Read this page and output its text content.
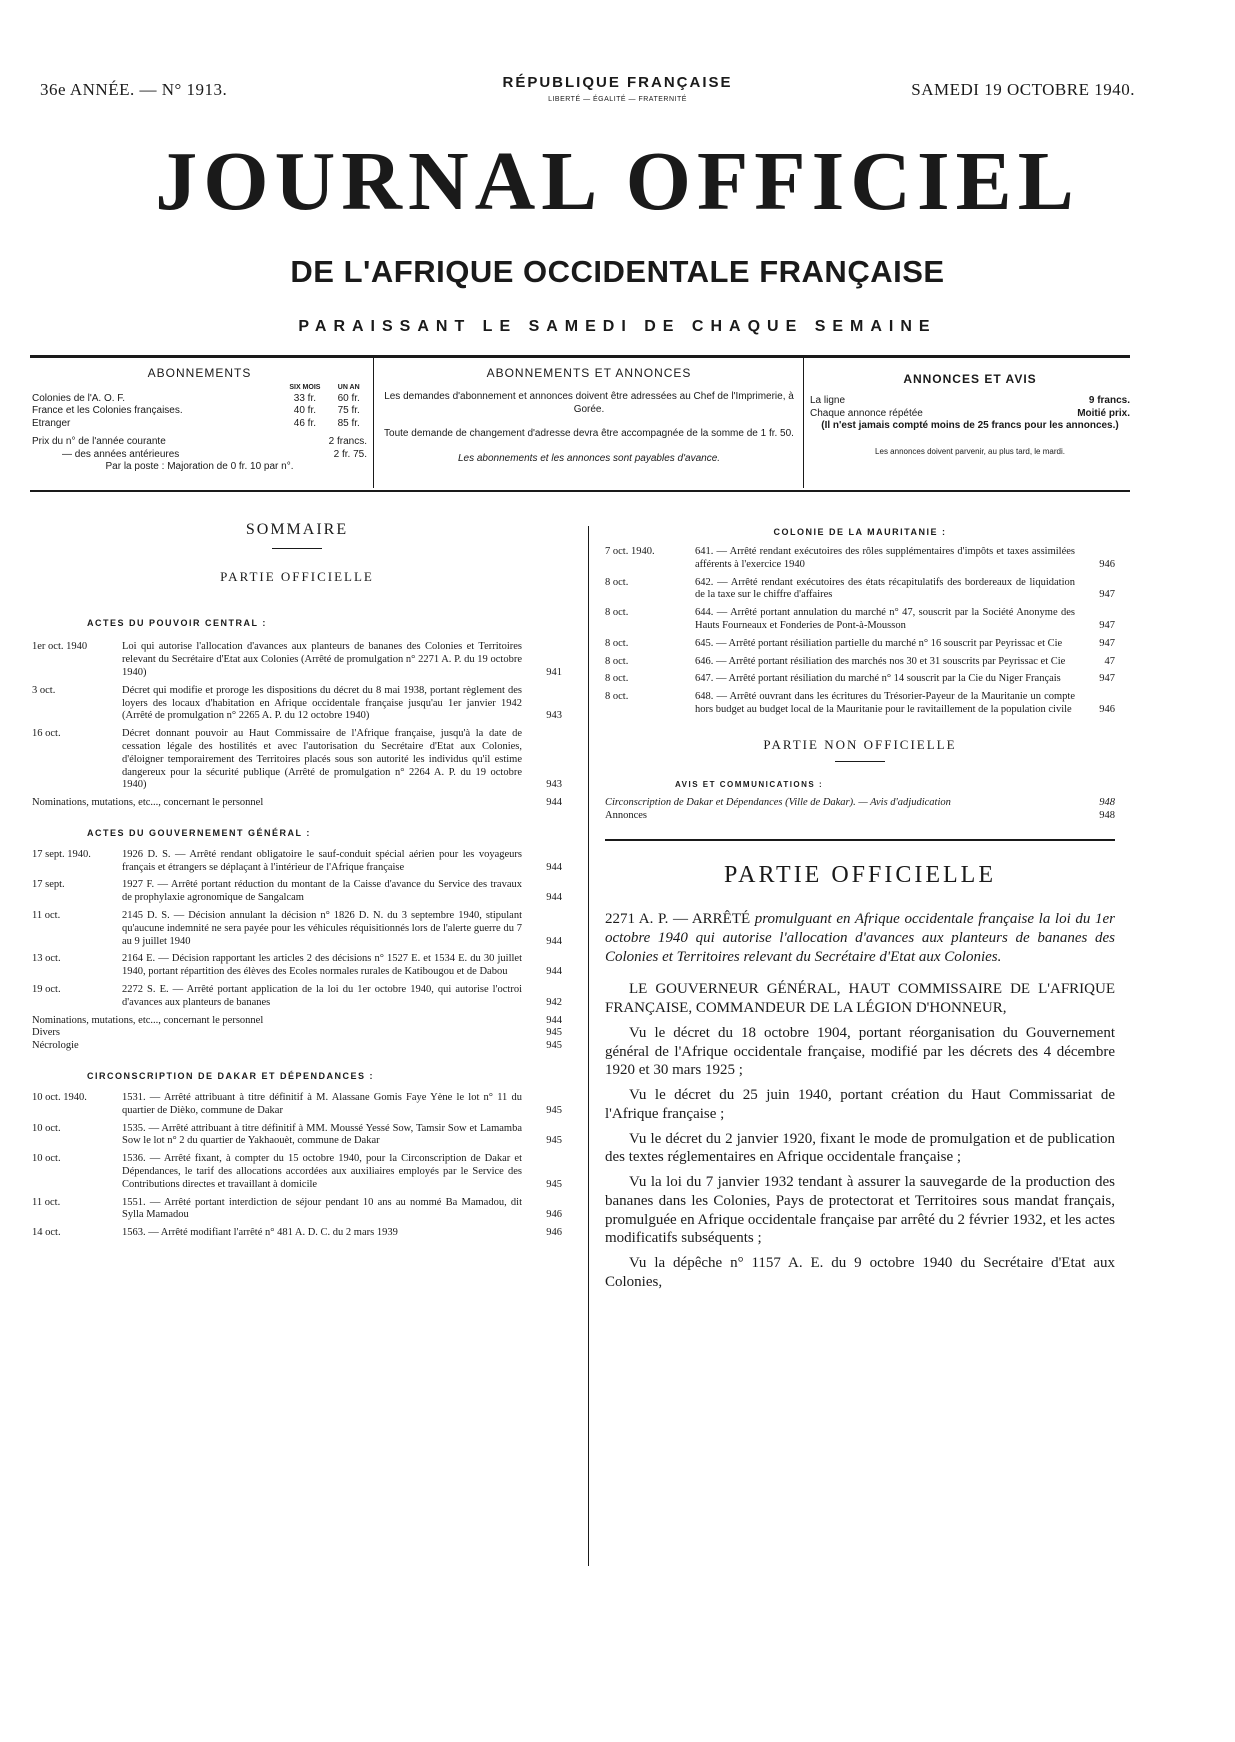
36e ANNÉE. — N° 1913.	RÉPUBLIQUE FRANÇAISE
LIBERTÉ — ÉGALITÉ — FRATERNITÉ
SAMEDI 19 OCTOBRE 1940.
JOURNAL OFFICIEL
DE L'AFRIQUE OCCIDENTALE FRANÇAISE
PARAISSANT LE SAMEDI DE CHAQUE SEMAINE
ABONNEMENTS
	SIX MOIS	UN AN
Colonies de l'A. O. F.	33 fr.	60 fr.
France et les Colonies françaises.	40 fr.	75 fr.
Etranger	46 fr.	85 fr.
Prix du n° de l'année courante	2 francs.
— des années antérieures	2 fr. 75.
Par la poste : Majoration de 0 fr. 10 par n°.
ABONNEMENTS ET ANNONCES
Les demandes d'abonnement et annonces doivent être adressées au Chef de l'Imprimerie, à Gorée.
Toute demande de changement d'adresse devra être accompagnée de la somme de 1 fr. 50.
Les abonnements et les annonces sont payables d'avance.
ANNONCES ET AVIS
La ligne	9 francs.
Chaque annonce répétée	Moitié prix.
(Il n'est jamais compté moins de 25 francs pour les annonces.)
Les annonces doivent parvenir, au plus tard, le mardi.
SOMMAIRE
PARTIE OFFICIELLE
ACTES DU POUVOIR CENTRAL :
1er oct. 1940	Loi qui autorise l'allocation d'avances aux planteurs de bananes des Colonies et Territoires relevant du Secrétaire d'Etat aux Colonies (Arrêté de promulgation n° 2271 A. P. du 19 octobre 1940)	941
3 oct.	Décret qui modifie et proroge les dispositions du décret du 8 mai 1938, portant règlement des loyers des locaux d'habitation en Afrique occidentale française jusqu'au 1er janvier 1942 (Arrêté de promulgation n° 2265 A. P. du 12 octobre 1940)	943
16 oct.	Décret donnant pouvoir au Haut Commissaire de l'Afrique française, jusqu'à la date de cessation légale des hostilités et avec l'autorisation du Secrétaire d'Etat aux Colonies, d'éloigner temporairement des Territoires placés sous son autorité les individus qu'il estime dangereux pour la sécurité publique (Arrêté de promulgation n° 2264 A. P. du 19 octobre 1940)	943
Nominations, mutations, etc..., concernant le personnel	944
ACTES DU GOUVERNEMENT GÉNÉRAL :
17 sept. 1940.	1926 D. S. — Arrêté rendant obligatoire le sauf-conduit spécial aérien pour les voyageurs français et étrangers se déplaçant à l'intérieur de l'Afrique française	944
17 sept.	1927 F. — Arrêté portant réduction du montant de la Caisse d'avance du Service des travaux de prophylaxie agronomique de Sangalcam	944
11 oct.	2145 D. S. — Décision annulant la décision n° 1826 D. N. du 3 septembre 1940, stipulant qu'aucune indemnité ne sera payée pour les véhicules réquisitionnés lors de l'alerte guerre du 7 au 9 juillet 1940	944
13 oct.	2164 E. — Décision rapportant les articles 2 des décisions n° 1527 E. et 1534 E. du 30 juillet 1940, portant répartition des élèves des Ecoles normales rurales de Katibougou et de Dabou	944
19 oct.	2272 S. E. — Arrêté portant application de la loi du 1er octobre 1940, qui autorise l'octroi d'avances aux planteurs de bananes	942
Nominations, mutations, etc..., concernant le personnel	944
Divers	945
Nécrologie	945
CIRCONSCRIPTION DE DAKAR ET DÉPENDANCES :
10 oct. 1940.	1531. — Arrêté attribuant à titre définitif à M. Alassane Gomis Faye Yène le lot n° 11 du quartier de Dièko, commune de Dakar	945
10 oct.	1535. — Arrêté attribuant à titre définitif à MM. Moussé Yessé Sow, Tamsir Sow et Lamamba Sow le lot n° 2 du quartier de Yakhaouèt, commune de Dakar	945
10 oct.	1536. — Arrêté fixant, à compter du 15 octobre 1940, pour la Circonscription de Dakar et Dépendances, le tarif des allocations accordées aux auxiliaires employés par le Service des Contributions directes et travaillant à domicile	945
11 oct.	1551. — Arrêté portant interdiction de séjour pendant 10 ans au nommé Ba Mamadou, dit Sylla Mamadou	946
14 oct.	1563. — Arrêté modifiant l'arrêté n° 481 A. D. C. du 2 mars 1939	946
COLONIE DE LA MAURITANIE :
7 oct. 1940.	641. — Arrêté rendant exécutoires des rôles supplémentaires d'impôts et taxes assimilées afférents à l'exercice 1940	946
8 oct.	642. — Arrêté rendant exécutoires des états récapitulatifs des bordereaux de liquidation de la taxe sur le chiffre d'affaires	947
8 oct.	644. — Arrêté portant annulation du marché n° 47, souscrit par la Société Anonyme des Hauts Fourneaux et Fonderies de Pont-à-Mousson	947
8 oct.	645. — Arrêté portant résiliation partielle du marché n° 16 souscrit par Peyrissac et Cie	947
8 oct.	646. — Arrêté portant résiliation des marchés nos 30 et 31 souscrits par Peyrissac et Cie	47
8 oct.	647. — Arrêté portant résiliation du marché n° 14 souscrit par la Cie du Niger Français	947
8 oct.	648. — Arrêté ouvrant dans les écritures du Trésorier-Payeur de la Mauritanie un compte hors budget au budget local de la Mauritanie pour le ravitaillement de la population civile	946
PARTIE NON OFFICIELLE
AVIS ET COMMUNICATIONS :
Circonscription de Dakar et Dépendances (Ville de Dakar). — Avis d'adjudication	948
Annonces	948
PARTIE OFFICIELLE

2271 A. P. — ARRÊTÉ promulguant en Afrique occidentale française la loi du 1er octobre 1940 qui autorise l'allocation d'avances aux planteurs de bananes des Colonies et Territoires relevant du Secrétaire d'Etat aux Colonies.

LE GOUVERNEUR GÉNÉRAL, HAUT COMMISSAIRE DE L'AFRIQUE FRANÇAISE, COMMANDEUR DE LA LÉGION D'HONNEUR,

Vu le décret du 18 octobre 1904, portant réorganisation du Gouvernement général de l'Afrique occidentale française, modifié par les décrets des 4 décembre 1920 et 30 mars 1925 ;

Vu le décret du 25 juin 1940, portant création du Haut Commissariat de l'Afrique française ;

Vu le décret du 2 janvier 1920, fixant le mode de promulgation et de publication des textes réglementaires en Afrique occidentale française ;

Vu la loi du 7 janvier 1932 tendant à assurer la sauvegarde de la production des bananes dans les Colonies, Pays de protectorat et Territoires sous mandat français, promulguée en Afrique occidentale française par arrêté du 2 février 1932, et les actes modificatifs subséquents ;

Vu la dépêche n° 1157 A. E. du 9 octobre 1940 du Secrétaire d'Etat aux Colonies,
